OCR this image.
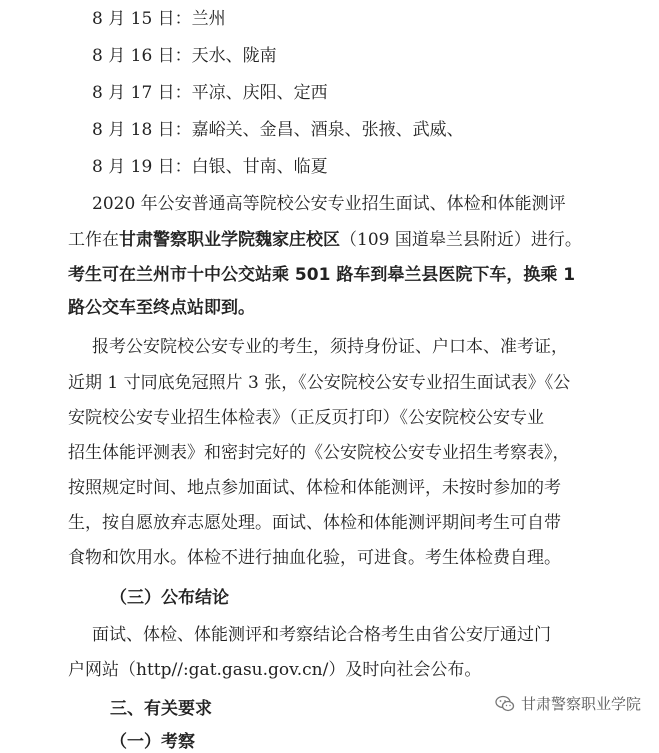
8 月 15 日：兰州
8 月 16 日：天水、陇南
8 月 17 日：平凉、庆阳、定西
8 月 18 日：嘉峪关、金昌、酒泉、张掖、武威、
8 月 19 日：白银、甘南、临夏
2020 年公安普通高等院校公安专业招生面试、体检和体能测评
工作在甘肃警察职业学院魏家庄校区（109 国道皋兰县附近）进行。
考生可在兰州市十中公交站乘 501 路车到皋兰县医院下车，换乘 1
路公交车至终点站即到。
报考公安院校公安专业的考生，须持身份证、户口本、准考证，
近期 1 寸同底免冠照片 3 张，《公安院校公安专业招生面试表》《公
安院校公安专业招生体检表》（正反页打印）《公安院校公安专业
招生体能评测表》和密封完好的《公安院校公安专业招生考察表》，
按照规定时间、地点参加面试、体检和体能测评，未按时参加的考
生，按自愿放弃志愿处理。面试、体检和体能测评期间考生可自带
食物和饮用水。体检不进行抽血化验，可进食。考生体检费自理。
（三）公布结论
面试、体检、体能测评和考察结论合格考生由省公安厅通过门
户网站（http//:gat.gasu.gov.cn/）及时向社会公布。
三、有关要求
（一）考察
甘肃警察职业学院
